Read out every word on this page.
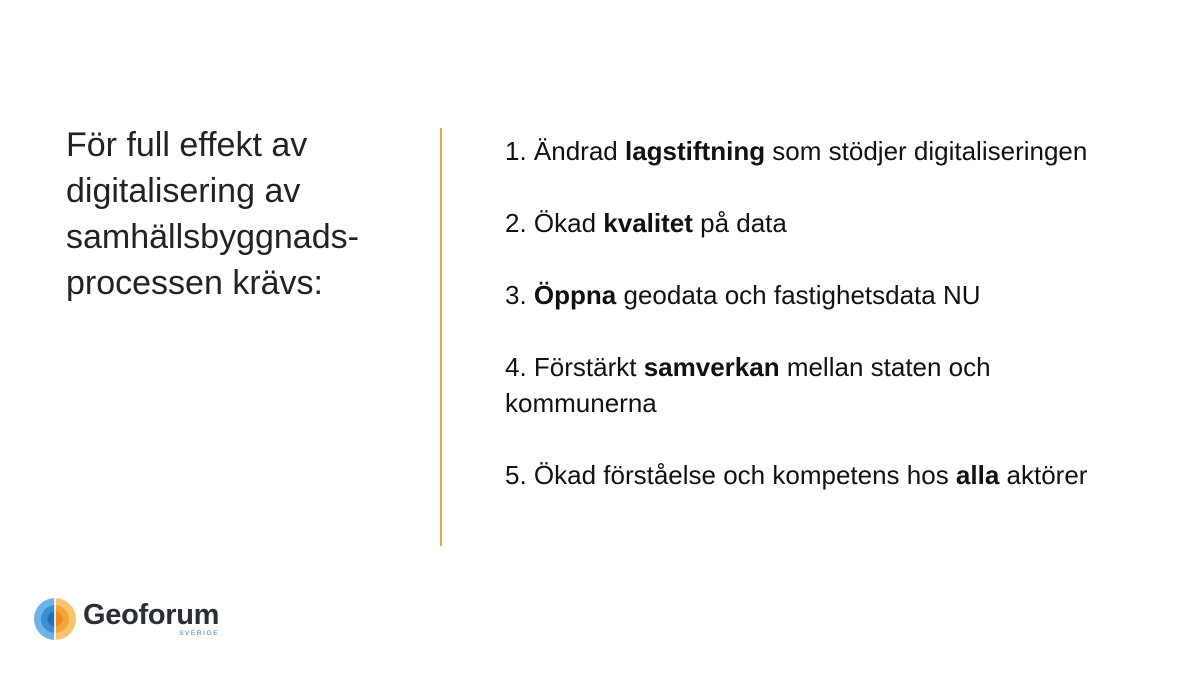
För full effekt av
digitalisering av
samhällsbyggnads-
processen krävs:
1. Ändrad lagstiftning som stödjer digitaliseringen
2. Ökad kvalitet på data
3. Öppna geodata och fastighetsdata NU
4. Förstärkt samverkan mellan staten och kommunerna
5. Ökad förståelse och kompetens hos alla aktörer
Geoforum
SVERIGE
